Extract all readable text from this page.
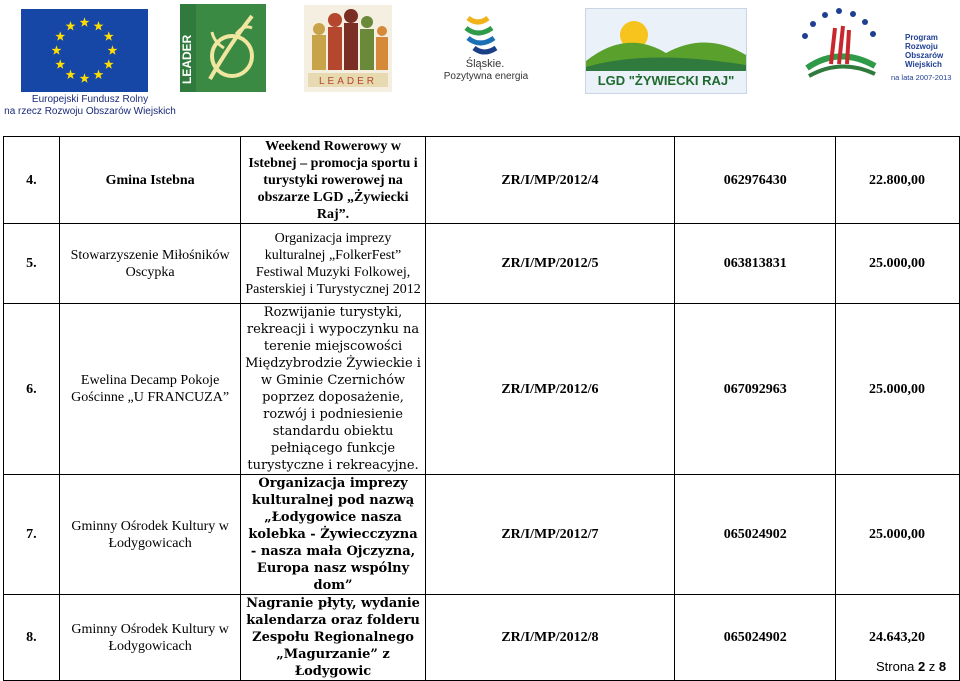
Europejski Fundusz Rolny
na rzecz Rozwoju Obszarów Wiejskich
LEADER	LEADER
Śląskie.
Pozytywna energia	LGD "ŻYWIECKI RAJ"
Program
Rozwoju
Obszarów
Wiejskich
na lata 2007-2013
4.	Gmina Istebna	Weekend Rowerowy w Istebnej – promocja sportu i turystyki rowerowej na obszarze LGD „Żywiecki Raj”.	ZR/I/MP/2012/4	062976430	22.800,00
5.	Stowarzyszenie Miłośników Oscypka	Organizacja imprezy kulturalnej „FolkerFest” Festiwal Muzyki Folkowej, Pasterskiej i Turystycznej 2012	ZR/I/MP/2012/5	063813831	25.000,00
6.	Ewelina Decamp Pokoje Gościnne „U FRANCUZA”	Rozwijanie turystyki, rekreacji i wypoczynku na terenie miejscowości Międzybrodzie Żywieckie i w Gminie Czernichów poprzez doposażenie, rozwój i podniesienie standardu obiektu pełniącego funkcje turystyczne i rekreacyjne.	ZR/I/MP/2012/6	067092963	25.000,00
7.	Gminny Ośrodek Kultury w Łodygowicach	Organizacja imprezy kulturalnej pod nazwą „Łodygowice nasza kolebka - Żywiecczyzna - nasza mała Ojczyzna, Europa nasz wspólny dom”	ZR/I/MP/2012/7	065024902	25.000,00
8.	Gminny Ośrodek Kultury w Łodygowicach	Nagranie płyty, wydanie kalendarza oraz folderu Zespołu Regionalnego „Magurzanie” z Łodygowic	ZR/I/MP/2012/8	065024902	24.643,20
Strona 2 z 8
